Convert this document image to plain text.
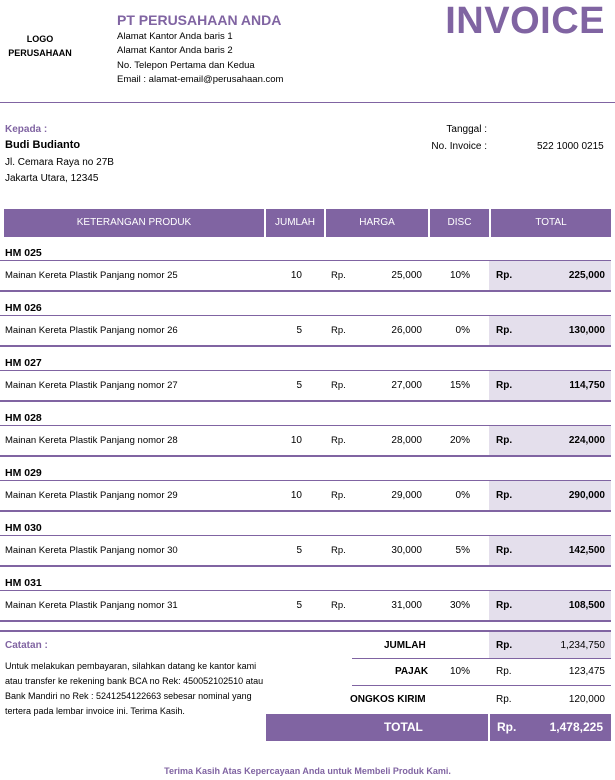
LOGO
PERUSAHAAN
PT PERUSAHAAN ANDA
Alamat Kantor Anda baris 1
Alamat Kantor Anda baris 2
No. Telepon Pertama dan Kedua
Email : alamat-email@perusahaan.com
INVOICE
Kepada :
Budi Budianto
Jl. Cemara Raya no 27B
Jakarta Utara, 12345
Tanggal :
No. Invoice :	522 1000 0215
KETERANGAN PRODUK	JUMLAH	HARGA	DISC	TOTAL
HM 025
Mainan Kereta Plastik Panjang nomor 25	10	Rp.	25,000	10%	Rp.	225,000
HM 026
Mainan Kereta Plastik Panjang nomor 26	5	Rp.	26,000	0%	Rp.	130,000
HM 027
Mainan Kereta Plastik Panjang nomor 27	5	Rp.	27,000	15%	Rp.	114,750
HM 028
Mainan Kereta Plastik Panjang nomor 28	10	Rp.	28,000	20%	Rp.	224,000
HM 029
Mainan Kereta Plastik Panjang nomor 29	10	Rp.	29,000	0%	Rp.	290,000
HM 030
Mainan Kereta Plastik Panjang nomor 30	5	Rp.	30,000	5%	Rp.	142,500
HM 031
Mainan Kereta Plastik Panjang nomor 31	5	Rp.	31,000	30%	Rp.	108,500
Catatan :
Untuk melakukan pembayaran, silahkan datang ke kantor kami atau transfer ke rekening bank BCA no Rek: 450052102510 atau Bank Mandiri no Rek : 5241254122663 sebesar nominal yang tertera pada lembar invoice ini. Terima Kasih.
JUMLAH	Rp.	1,234,750
PAJAK	10%	Rp.	123,475
ONGKOS KIRIM	Rp.	120,000
TOTAL	Rp.	1,478,225
Terima Kasih Atas Kepercayaan Anda untuk Membeli Produk Kami.
